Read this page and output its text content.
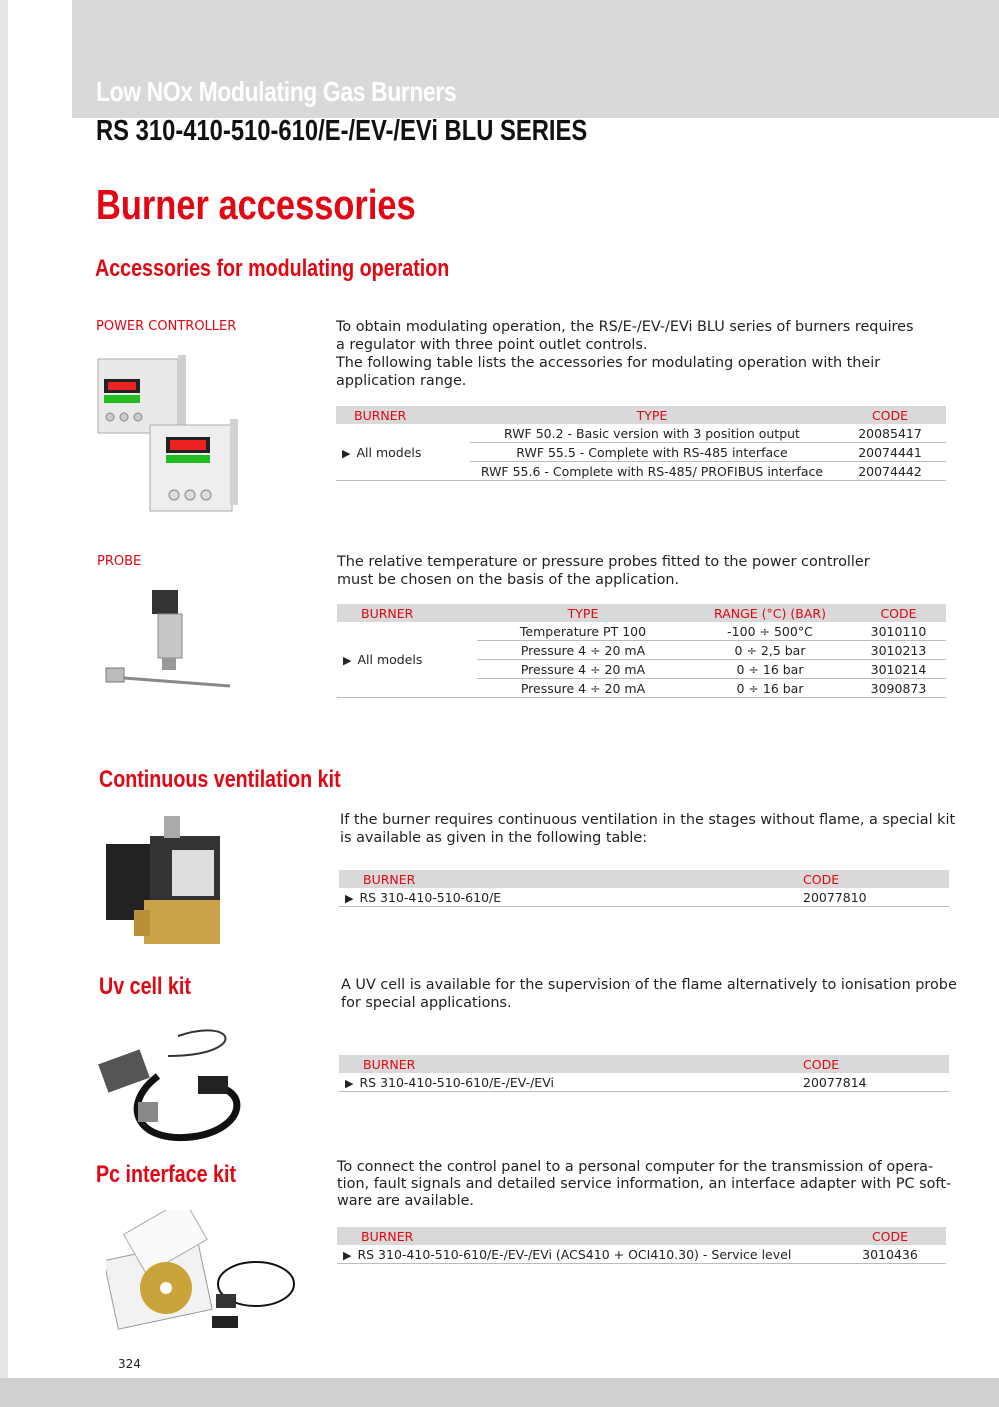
Low NOx Modulating Gas Burners
RS 310-410-510-610/E-/EV-/EVi BLU SERIES
Burner accessories
Accessories for modulating operation
POWER CONTROLLER	To obtain modulating operation, the RS/E-/EV-/EVi BLU series of burners requires
a regulator with three point outlet controls.
The following table lists the accessories for modulating operation with their
application range.
BURNER	TYPE	CODE
▶ All models	RWF 50.2 - Basic version with 3 position output	20085417
	RWF 55.5 - Complete with RS-485 interface	20074441
	RWF 55.6 - Complete with RS-485/ PROFIBUS interface	20074442
PROBE	The relative temperature or pressure probes fitted to the power controller
must be chosen on the basis of the application.
BURNER	TYPE	RANGE (°C) (BAR)	CODE
▶ All models	Temperature PT 100	-100 ÷ 500°C	3010110
	Pressure 4 ÷ 20 mA	0 ÷ 2,5 bar	3010213
	Pressure 4 ÷ 20 mA	0 ÷ 16 bar	3010214
	Pressure 4 ÷ 20 mA	0 ÷ 16 bar	3090873
Continuous ventilation kit
If the burner requires continuous ventilation in the stages without flame, a special kit
is available as given in the following table:
BURNER	CODE
▶ RS 310-410-510-610/E	20077810
Uv cell kit	A UV cell is available for the supervision of the flame alternatively to ionisation probe
for special applications.
BURNER	CODE
▶ RS 310-410-510-610/E-/EV-/EVi	20077814
Pc interface kit	To connect the control panel to a personal computer for the transmission of opera-
tion, fault signals and detailed service information, an interface adapter with PC soft-
ware are available.
BURNER	CODE
▶ RS 310-410-510-610/E-/EV-/EVi (ACS410 + OCI410.30) - Service level	3010436
324
